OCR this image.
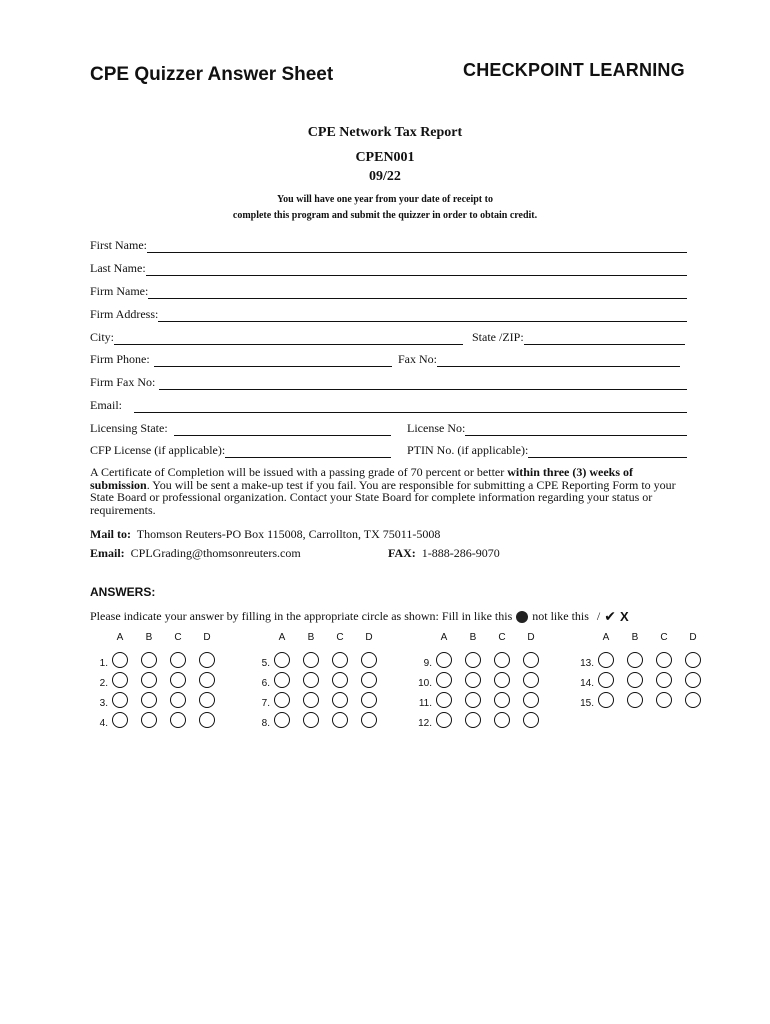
CPE Quizzer Answer Sheet	CHECKPOINT LEARNING
CPE Network Tax Report
CPEN001
09/22
You will have one year from your date of receipt to
complete this program and submit the quizzer in order to obtain credit.
First Name:
Last Name:
Firm Name:
Firm Address:
City:	State /ZIP:
Firm Phone:	Fax No:
Firm Fax No:
Email:
Licensing State:	License No:
CFP License (if applicable):	PTIN No. (if applicable):
A Certificate of Completion will be issued with a passing grade of 70 percent or better within three (3) weeks of submission. You will be sent a make-up test if you fail. You are responsible for submitting a CPE Reporting Form to your State Board or professional organization. Contact your State Board for complete information regarding your status or requirements.
Mail to: Thomson Reuters-PO Box 115008, Carrollton, TX 75011-5008
Email: CPLGrading@thomsonreuters.com	FAX: 1-888-286-9070
ANSWERS:
Please indicate your answer by filling in the appropriate circle as shown: Fill in like this not like this / ✔ X
A	B	C	D
1.
2.
3.
4.
A	B	C	D
5.
6.
7.
8.
A	B	C	D
9.
10.
11.
12.
A	B	C	D
13.
14.
15.
